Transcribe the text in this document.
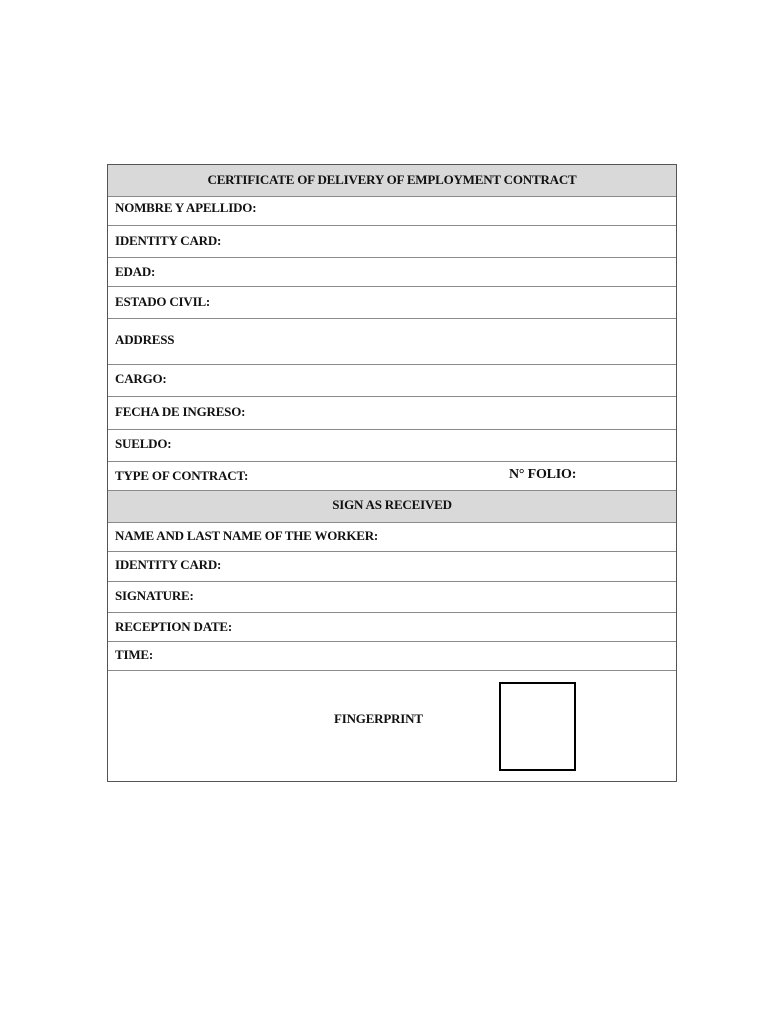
CERTIFICATE OF DELIVERY OF EMPLOYMENT CONTRACT
NOMBRE Y APELLIDO:
IDENTITY CARD:
EDAD:
ESTADO CIVIL:
ADDRESS
CARGO:
FECHA DE INGRESO:
SUELDO:
TYPE OF CONTRACT:	N° FOLIO:
SIGN AS RECEIVED
NAME AND LAST NAME OF THE WORKER:
IDENTITY CARD:
SIGNATURE:
RECEPTION DATE:
TIME:
FINGERPRINT
